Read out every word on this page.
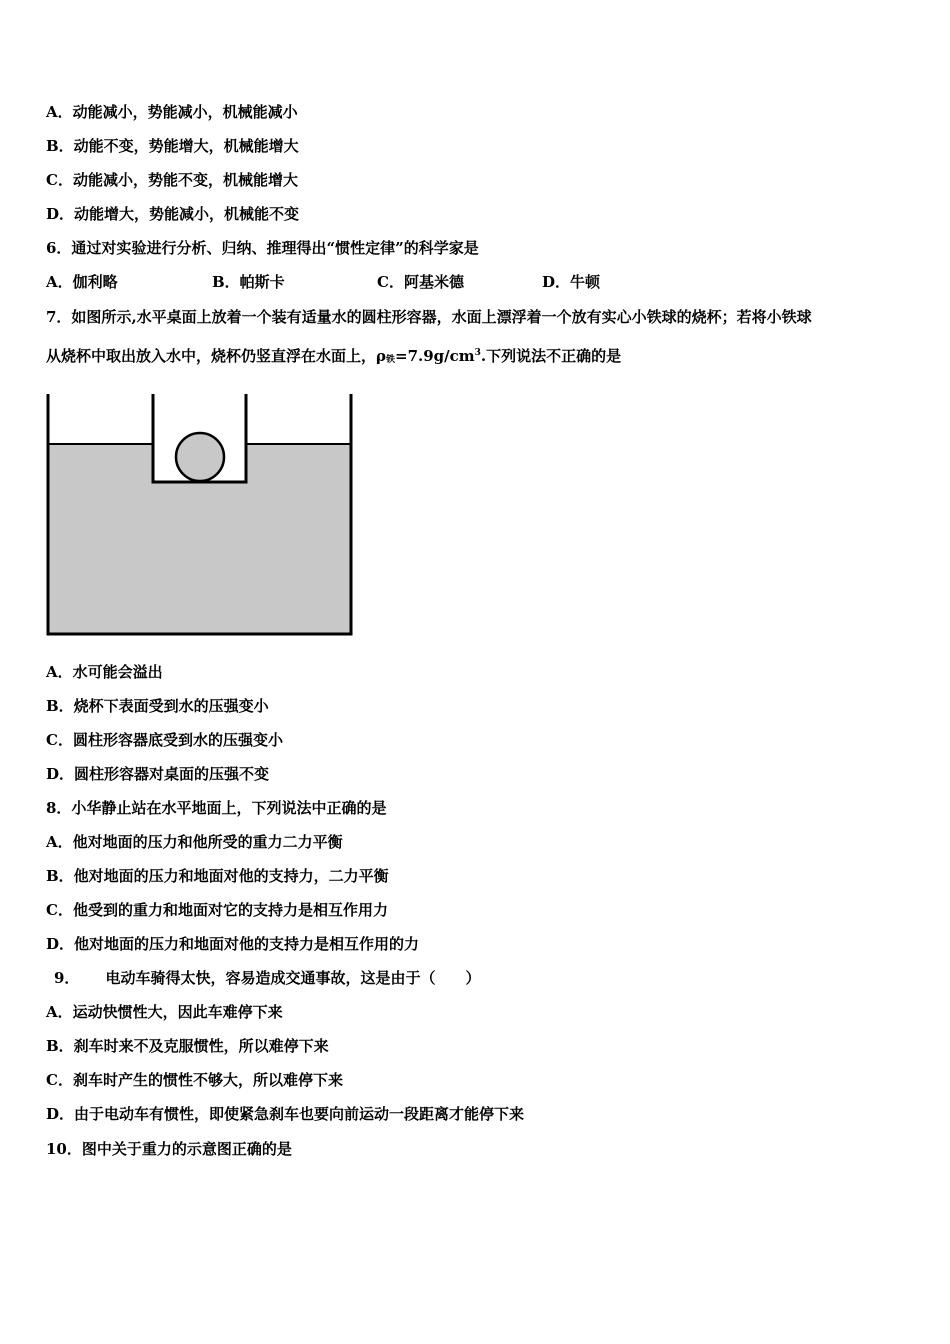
A．动能减小，势能减小，机械能减小
B．动能不变，势能增大，机械能增大
C．动能减小，势能不变，机械能增大
D．动能增大，势能减小，机械能不变
6．通过对实验进行分析、归纳、推理得出“惯性定律”的科学家是
A．伽利略	B．帕斯卡	C．阿基米德	D．牛顿
7．如图所示,水平桌面上放着一个装有适量水的圆柱形容器，水面上漂浮着一个放有实心小铁球的烧杯；若将小铁球
从烧杯中取出放入水中，烧杯仍竖直浮在水面上，$\rho_铁=7.9g/cm^3$.下列说法不正确的是
A．水可能会溢出
B．烧杯下表面受到水的压强变小
C．圆柱形容器底受到水的压强变小
D．圆柱形容器对桌面的压强不变
8．小华静止站在水平地面上，下列说法中正确的是
A．他对地面的压力和他所受的重力二力平衡
B．他对地面的压力和地面对他的支持力，二力平衡
C．他受到的重力和地面对它的支持力是相互作用力
D．他对地面的压力和地面对他的支持力是相互作用的力
9． 电动车骑得太快，容易造成交通事故，这是由于（　　）
A．运动快惯性大，因此车难停下来
B．刹车时来不及克服惯性，所以难停下来
C．刹车时产生的惯性不够大，所以难停下来
D．由于电动车有惯性，即使紧急刹车也要向前运动一段距离才能停下来
10．图中关于重力的示意图正确的是
